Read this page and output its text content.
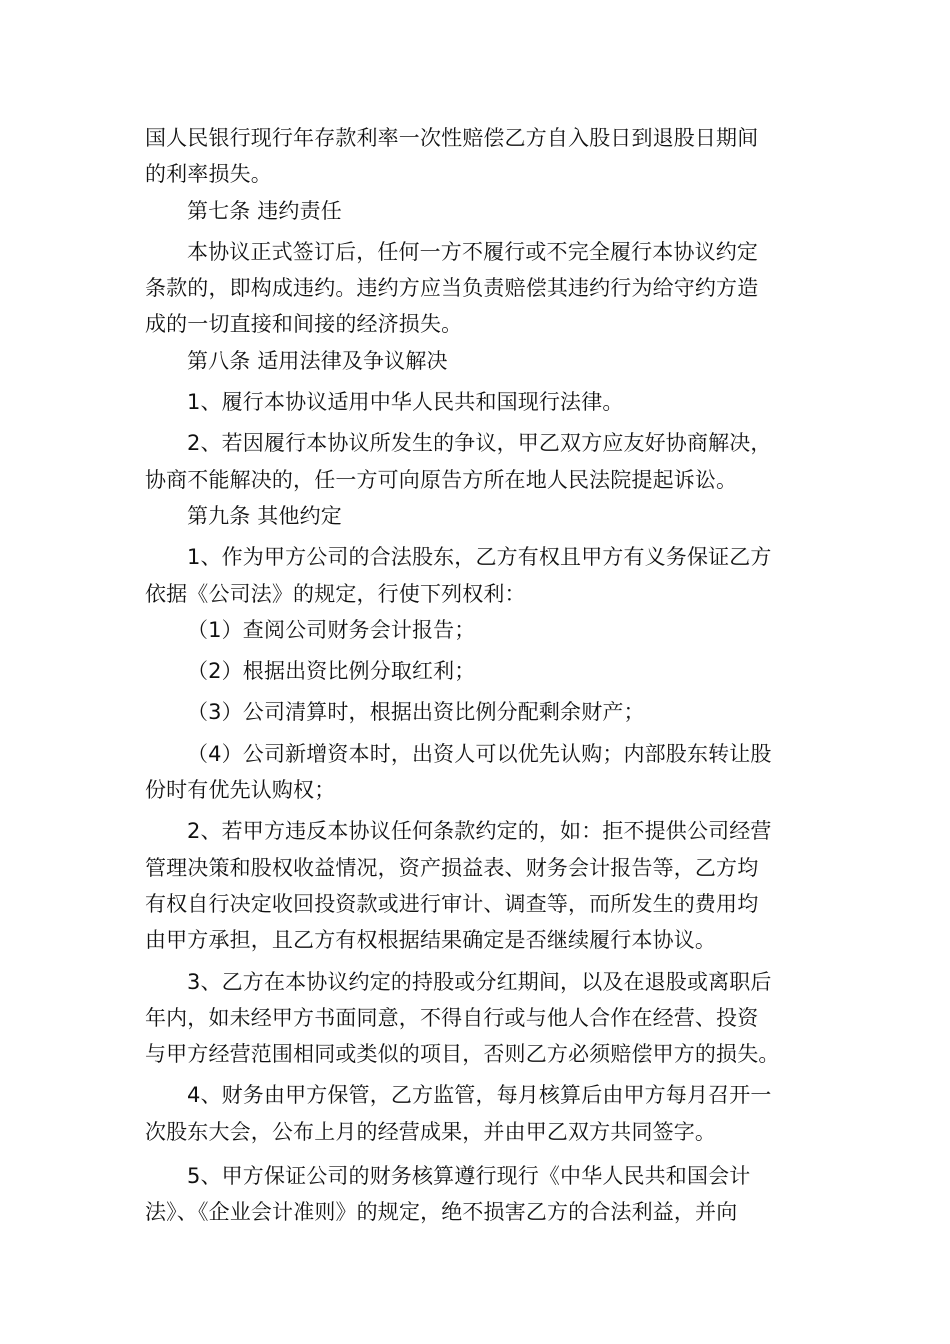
国人民银行现行年存款利率一次性赔偿乙方自入股日到退股日期间
的利率损失。
第七条 违约责任
本协议正式签订后，任何一方不履行或不完全履行本协议约定
条款的，即构成违约。违约方应当负责赔偿其违约行为给守约方造
成的一切直接和间接的经济损失。
第八条 适用法律及争议解决
1、履行本协议适用中华人民共和国现行法律。
2、若因履行本协议所发生的争议，甲乙双方应友好协商解决，
协商不能解决的，任一方可向原告方所在地人民法院提起诉讼。
第九条 其他约定
1、作为甲方公司的合法股东，乙方有权且甲方有义务保证乙方
依据《公司法》的规定，行使下列权利：
（1）查阅公司财务会计报告；
（2）根据出资比例分取红利；
（3）公司清算时，根据出资比例分配剩余财产；
（4）公司新增资本时，出资人可以优先认购；内部股东转让股
份时有优先认购权；
2、若甲方违反本协议任何条款约定的，如：拒不提供公司经营
管理决策和股权收益情况，资产损益表、财务会计报告等，乙方均
有权自行决定收回投资款或进行审计、调查等，而所发生的费用均
由甲方承担，且乙方有权根据结果确定是否继续履行本协议。
3、乙方在本协议约定的持股或分红期间，以及在退股或离职后
年内，如未经甲方书面同意，不得自行或与他人合作在经营、投资
与甲方经营范围相同或类似的项目，否则乙方必须赔偿甲方的损失。
4、财务由甲方保管，乙方监管，每月核算后由甲方每月召开一
次股东大会，公布上月的经营成果，并由甲乙双方共同签字。
5、甲方保证公司的财务核算遵行现行《中华人民共和国会计
法》、《企业会计准则》的规定，绝不损害乙方的合法利益，并向
